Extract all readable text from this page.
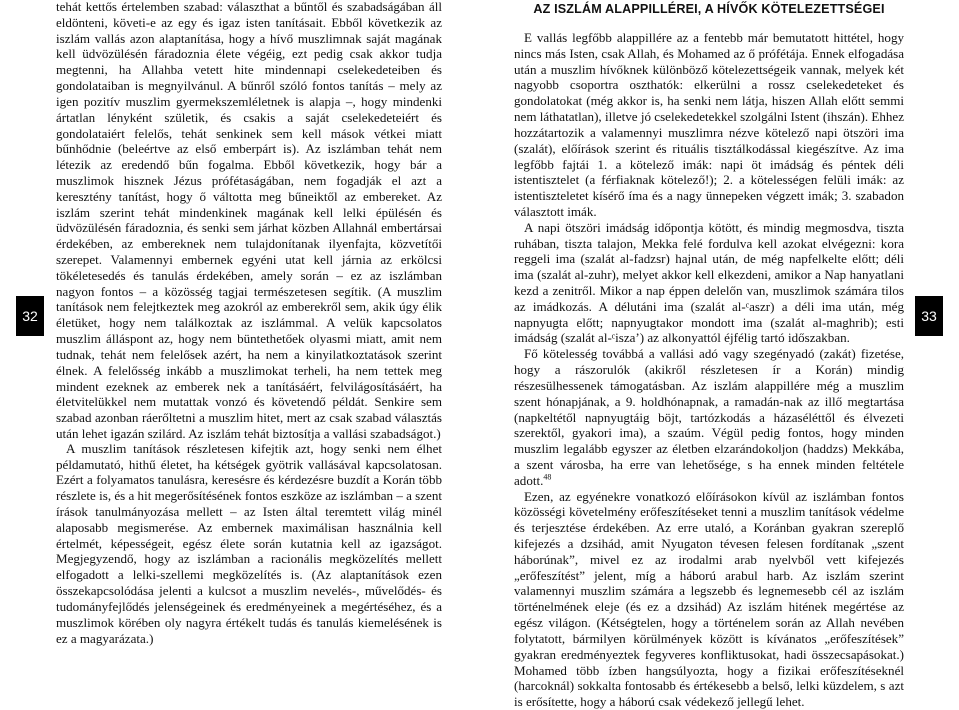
32	33

tehát kettős értelemben szabad: választhat a bűntől és szabadságában áll eldönteni, követi-e az egy és igaz isten tanításait. Ebből következik az iszlám vallás azon alaptanítása, hogy a hívő muszlimnak saját magának kell üdvözülésén fáradoznia élete végéig, ezt pedig csak akkor tudja megtenni, ha Allahba vetett hite mindennapi cselekedeteiben és gondolataiban is megnyilvánul. A bűnről szóló fontos tanítás – mely az igen pozitív muszlim gyermekszemléletnek is alapja –, hogy mindenki ártatlan lényként születik, és csakis a saját cselekedeteiért és gondolataiért felelős, tehát senkinek sem kell mások vétkei miatt bűnhődnie (beleértve az első emberpárt is). Az iszlámban tehát nem létezik az eredendő bűn fogalma. Ebből következik, hogy bár a muszlimok hisznek Jézus prófétaságában, nem fogadják el azt a keresztény tanítást, hogy ő váltotta meg bűneiktől az embereket. Az iszlám szerint tehát mindenkinek magának kell lelki épülésén és üdvözülésén fáradoznia, és senki sem járhat közben Allahnál embertársai érdekében, az embereknek nem tulajdonítanak ilyenfajta, közvetítői szerepet. Valamennyi embernek egyéni utat kell járnia az erkölcsi tökéletesedés és tanulás érdekében, amely során – ez az iszlámban nagyon fontos – a közösség tagjai természetesen segítik. (A muszlim tanítások nem felejtkeztek meg azokról az emberekről sem, akik úgy élik életüket, hogy nem találkoztak az iszlámmal. A velük kapcsolatos muszlim álláspont az, hogy nem büntethetőek olyasmi miatt, amit nem tudnak, tehát nem felelősek azért, ha nem a kinyilatkoztatások szerint élnek. A felelősség inkább a muszlimokat terheli, ha nem tettek meg mindent ezeknek az emberek nek a tanításáért, felvilágosításáért, ha életvitelükkel nem mutattak vonzó és követendő példát. Senkire sem szabad azonban ráerőltetni a muszlim hitet, mert az csak szabad választás után lehet igazán szilárd. Az iszlám tehát biztosítja a vallási szabadságot.)

A muszlim tanítások részletesen kifejtik azt, hogy senki nem élhet példamutató, hithű életet, ha kétségek gyötrik vallásával kapcsolatosan. Ezért a folyamatos tanulásra, keresésre és kérdezésre buzdít a Korán több részlete is, és a hit megerősítésének fontos eszköze az iszlámban – a szent írások tanulmányozása mellett – az Isten által teremtett világ minél alaposabb megismerése. Az embernek maximálisan használnia kell értelmét, képességeit, egész élete során kutatnia kell az igazságot. Megjegyzendő, hogy az iszlámban a racionális megközelítés mellett elfogadott a lelki-szellemi megközelítés is. (Az alaptanítások ezen összekapcsolódása jelenti a kulcsot a muszlim nevelés-, művelődés- és tudományfejlődés jelenségeinek és eredményeinek a megértéséhez, és a muszlimok körében oly nagyra értékelt tudás és tanulás kiemelésének is ez a magyarázata.)

AZ ISZLÁM ALAPPILLÉREI, A HÍVŐK KÖTELEZETTSÉGEI

E vallás legfőbb alappillére az a fentebb már bemutatott hittétel, hogy nincs más Isten, csak Allah, és Mohamed az ő prófétája. Ennek elfogadása után a muszlim hívőknek különböző kötelezettségeik vannak, melyek két nagyobb csoportra oszthatók: elkerülni a rossz cselekedeteket és gondolatokat (még akkor is, ha senki nem látja, hiszen Allah előtt semmi nem láthatatlan), illetve jó cselekedetekkel szolgálni Istent (ihszán). Ehhez hozzátartozik a valamennyi muszlimra nézve kötelező napi ötszöri ima (szalát), előírások szerint és rituális tisztálkodással kiegészítve. Az ima legfőbb fajtái 1. a kötelező imák: napi öt imádság és péntek déli istentisztelet (a férfiaknak kötelező!); 2. a kötelességen felüli imák: az istentiszteletet kísérő íma és a nagy ünnepeken végzett imák; 3. szabadon választott imák.

A napi ötszöri imádság időpontja kötött, és mindig megmosdva, tiszta ruhában, tiszta talajon, Mekka felé fordulva kell azokat elvégezni: korа reggeli ima (szalát al-fadzsr) hajnal után, de még napfelkelte előtt; déli ima (szalát al-zuhr), melyet akkor kell elkezdeni, amikor a Nap hanyatlani kezd a zenitről. Mikor a nap éppen delelőn van, muszlimok számára tilos az imádkozás. A délutáni ima (szalát al-ᶜaszr) a déli ima után, még napnyugta előtt; napnyugtakor mondott ima (szalát al-maghrib); esti imádság (szalát al-ᶜisza’) az alkonyattól éjfélig tartó időszakban.

Fő kötelesség továbbá a vallási adó vagy szegényadó (zakát) fizetése, hogy a rászorulók (akikről részletesen ír a Korán) mindig részesülhessenek támogatásban. Az iszlám alappillére még a muszlim szent hónapjának, a 9. holdhónapnak, a ramadán-nak az illő megtartása (napkeltétől napnyugtáig böjt, tartózkodás a házaséléttől és élvezeti szerektől, gyakori ima), a szaúm. Végül pedig fontos, hogy minden muszlim legalább egyszer az életben elzarándokoljon (haddzs) Mekkába, a szent városba, ha erre van lehetősége, s ha ennek minden feltétele adott.$^{48}$

Ezen, az egyénekre vonatkozó előírásokon kívül az iszlámban fontos közösségi követelmény erőfeszítéseket tenni a muszlim tanítások védelme és terjesztése érdekében. Az erre utaló, a Koránban gyakran szereplő kifejezés a dzsihád, amit Nyugaton tévesen felesen fordítanak „szent háborúnak”, mivel ez az irodalmi arab nyelvből vett kifejezés „erőfeszítést” jelent, míg a háború arabul harb. Az iszlám szerint valamennyi muszlim számára a legszebb és legnemesebb cél az iszlám történelmének eleje (és ez a dzsihád) Az iszlám hitének megértése az egész világon. (Kétségtelen, hogy a történelem során az Allah nevében folytatott, bármilyen körülmények között is kívánatos „erőfeszítések” gyakran eredményeztek fegyveres konfliktusokat, hadi összecsapásokat.) Mohamed több ízben hangsúlyozta, hogy a fizikai erőfeszítéseknél (harcoknál) sokkalta fontosabb és értékesebb a belső, lelki küzdelem, s azt is erősítette, hogy a háború csak védekező jellegű lehet.
